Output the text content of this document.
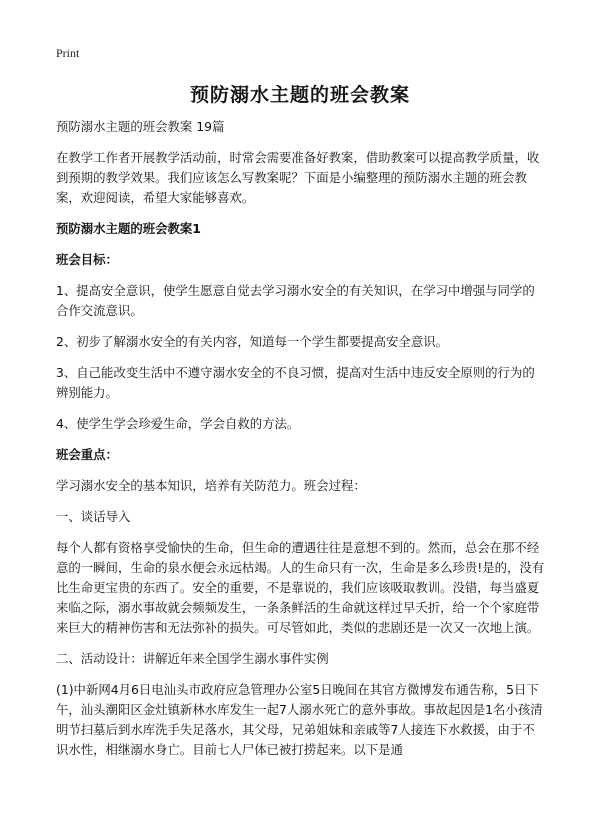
Print
预防溺水主题的班会教案

预防溺水主题的班会教案 19篇

在教学工作者开展教学活动前，时常会需要准备好教案，借助教案可以提高教学质量，收到预期的教学效果。我们应该怎么写教案呢？下面是小编整理的预防溺水主题的班会教案，欢迎阅读，希望大家能够喜欢。

预防溺水主题的班会教案1

班会目标：

1、提高安全意识，使学生愿意自觉去学习溺水安全的有关知识，在学习中增强与同学的合作交流意识。

2、初步了解溺水安全的有关内容，知道每一个学生都要提高安全意识。

3、自己能改变生活中不遵守溺水安全的不良习惯，提高对生活中违反安全原则的行为的辨别能力。

4、使学生学会珍爱生命，学会自救的方法。

班会重点：

学习溺水安全的基本知识，培养有关防范力。班会过程：

一、谈话导入

每个人都有资格享受愉快的生命，但生命的遭遇往往是意想不到的。然而，总会在那不经意的一瞬间，生命的泉水便会永远枯竭。人的生命只有一次，生命是多么珍贵!是的，没有比生命更宝贵的东西了。安全的重要，不是靠说的，我们应该吸取教训。没错，每当盛夏来临之际，溺水事故就会频频发生，一条条鲜活的生命就这样过早夭折，给一个个家庭带来巨大的精神伤害和无法弥补的损失。可尽管如此，类似的悲剧还是一次又一次地上演。

二、活动设计：讲解近年来全国学生溺水事件实例

(1)中新网4月6日电汕头市政府应急管理办公室5日晚间在其官方微博发布通告称，5日下午，汕头潮阳区金灶镇新林水库发生一起7人溺水死亡的意外事故。事故起因是1名小孩清明节扫墓后到水库洗手失足落水，其父母，兄弟姐妹和亲戚等7人接连下水救援，由于不识水性，相继溺水身亡。目前七人尸体已被打捞起来。以下是通
